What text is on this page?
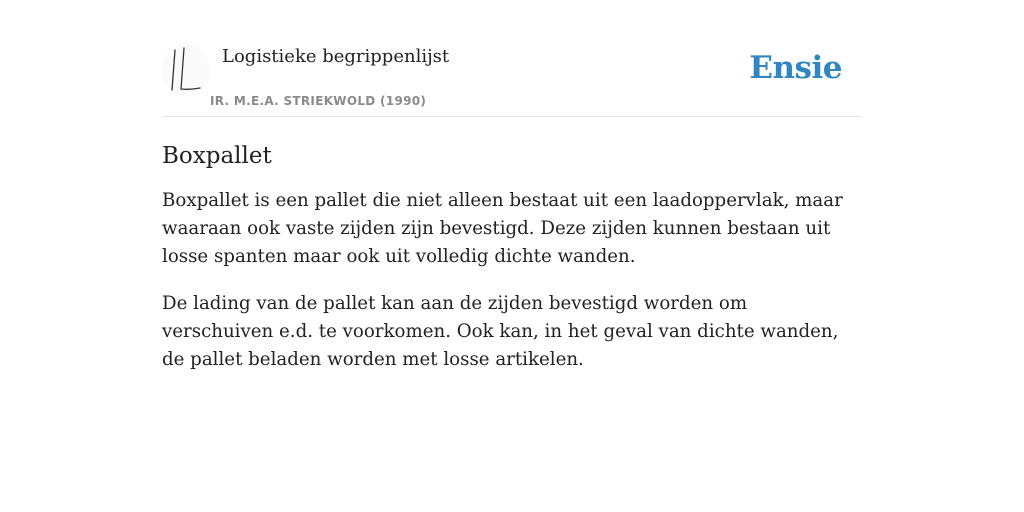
Logistieke begrippenlijst
IR. M.E.A. STRIEKWOLD (1990)
Ensie
Boxpallet

Boxpallet is een pallet die niet alleen bestaat uit een laadoppervlak, maar waaraan ook vaste zijden zijn bevestigd. Deze zijden kunnen bestaan uit losse spanten maar ook uit volledig dichte wanden.

De lading van de pallet kan aan de zijden bevestigd worden om verschuiven e.d. te voorkomen. Ook kan, in het geval van dichte wanden, de pallet beladen worden met losse artikelen.
